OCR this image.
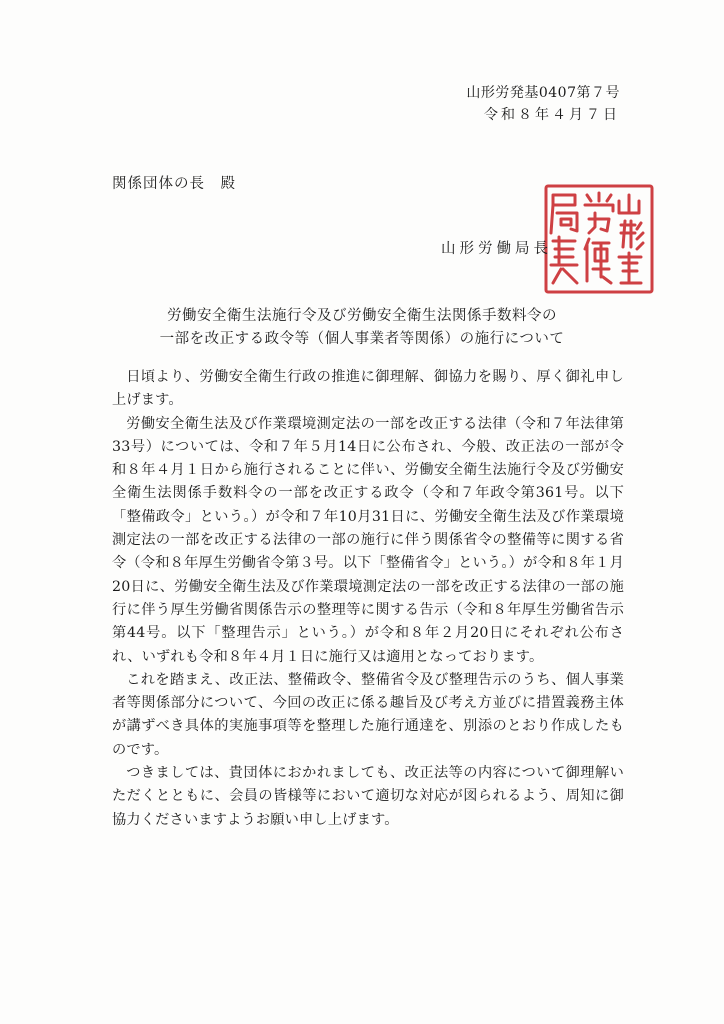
山形労発基0407第７号
令和８年４月７日
関係団体の長　殿
山形労働局長
労働安全衛生法施行令及び労働安全衛生法関係手数料令の
一部を改正する政令等（個人事業者等関係）の施行について

日頃より、労働安全衛生行政の推進に御理解、御協力を賜り、厚く御礼申し上げます。

労働安全衛生法及び作業環境測定法の一部を改正する法律（令和７年法律第33号）については、令和７年５月14日に公布され、今般、改正法の一部が令和８年４月１日から施行されることに伴い、労働安全衛生法施行令及び労働安全衛生法関係手数料令の一部を改正する政令（令和７年政令第361号。以下「整備政令」という。）が令和７年10月31日に、労働安全衛生法及び作業環境測定法の一部を改正する法律の一部の施行に伴う関係省令の整備等に関する省令（令和８年厚生労働省令第３号。以下「整備省令」という。）が令和８年１月20日に、労働安全衛生法及び作業環境測定法の一部を改正する法律の一部の施行に伴う厚生労働省関係告示の整理等に関する告示（令和８年厚生労働省告示第44号。以下「整理告示」という。）が令和８年２月20日にそれぞれ公布され、いずれも令和８年４月１日に施行又は適用となっております。

これを踏まえ、改正法、整備政令、整備省令及び整理告示のうち、個人事業者等関係部分について、今回の改正に係る趣旨及び考え方並びに措置義務主体が講ずべき具体的実施事項等を整理した施行通達を、別添のとおり作成したものです。

つきましては、貴団体におかれましても、改正法等の内容について御理解いただくとともに、会員の皆様等において適切な対応が図られるよう、周知に御協力くださいますようお願い申し上げます。
